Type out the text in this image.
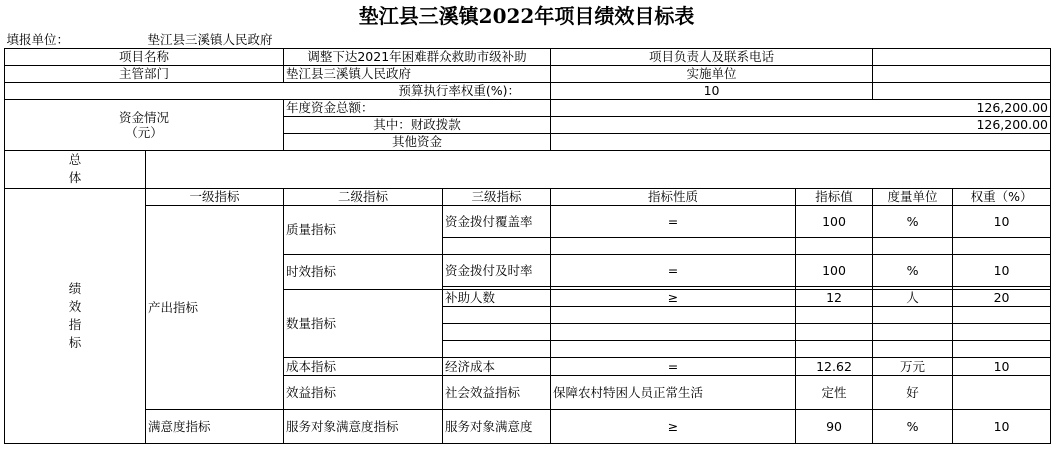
垫江县三溪镇2022年项目绩效目标表
填报单位：	垫江县三溪镇人民政府							
项目名称		调整下达2021年困难群众救助市级补助		项目负责人及联系电话				
主管部门		垫江县三溪镇人民政府		实施单位				
预算执行率权重(%)：				10				

资金情况
（元）		年度资金总额：		126,200.00				
		其中：财政拨款		126,200.00				
		其他资金						
总体								
绩效指标	一级指标	二级指标	三级指标	指标性质	指标值	度量单位	权重（%）	
	产出指标	质量指标	资金拨付覆盖率	=	100	%	10	

		时效指标	资金拨付及时率	=	100	%	10	

		数量指标	补助人数	≥	12	人	20	

		成本指标	经济成本	=	12.62	万元	10	
		效益指标	社会效益指标	保障农村特困人员正常生活	定性	好		
	满意度指标	服务对象满意度指标	服务对象满意度	≥	90	%	10	
